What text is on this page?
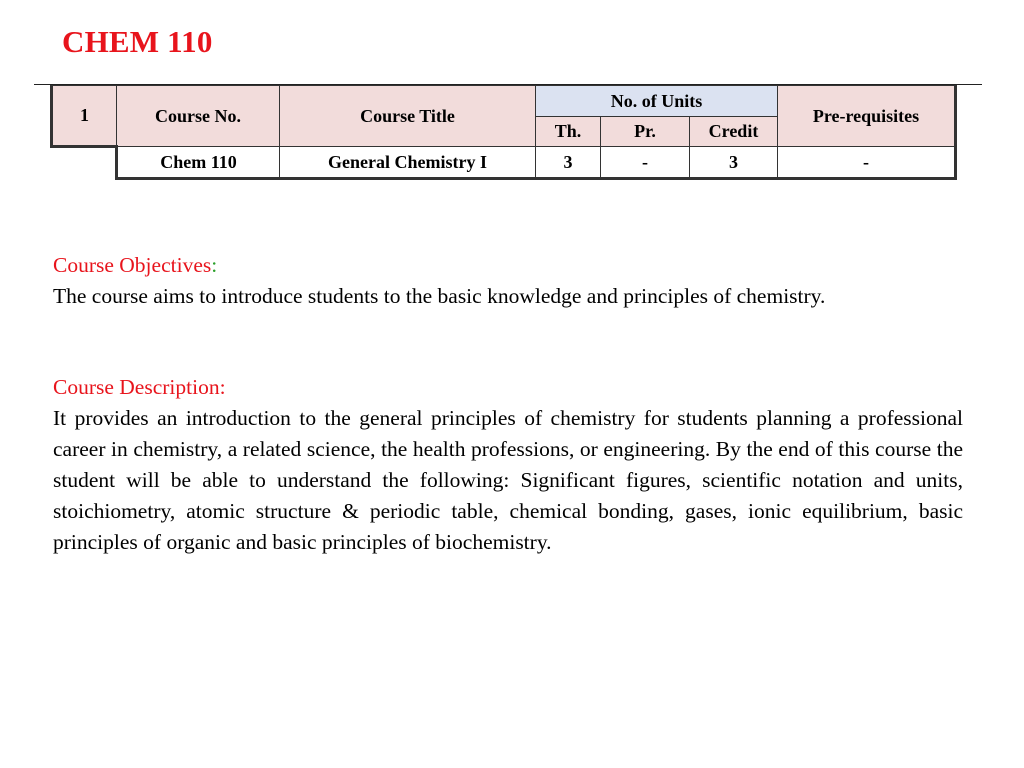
CHEM 110
1	Course No.	Course Title	No. of Units			Pre-requisites
			Th.	Pr.	Credit	
	Chem 110	General Chemistry I	3	-	3	-
Course Objectives:
The course aims to introduce students to the basic knowledge and principles of chemistry.
Course Description:
It provides an introduction to the general principles of chemistry for students planning a professional career in chemistry, a related science, the health professions, or engineering. By the end of this course the student will be able to understand the following: Significant figures, scientific notation and units, stoichiometry, atomic structure & periodic table, chemical bonding, gases, ionic equilibrium, basic principles of organic and basic principles of biochemistry.
